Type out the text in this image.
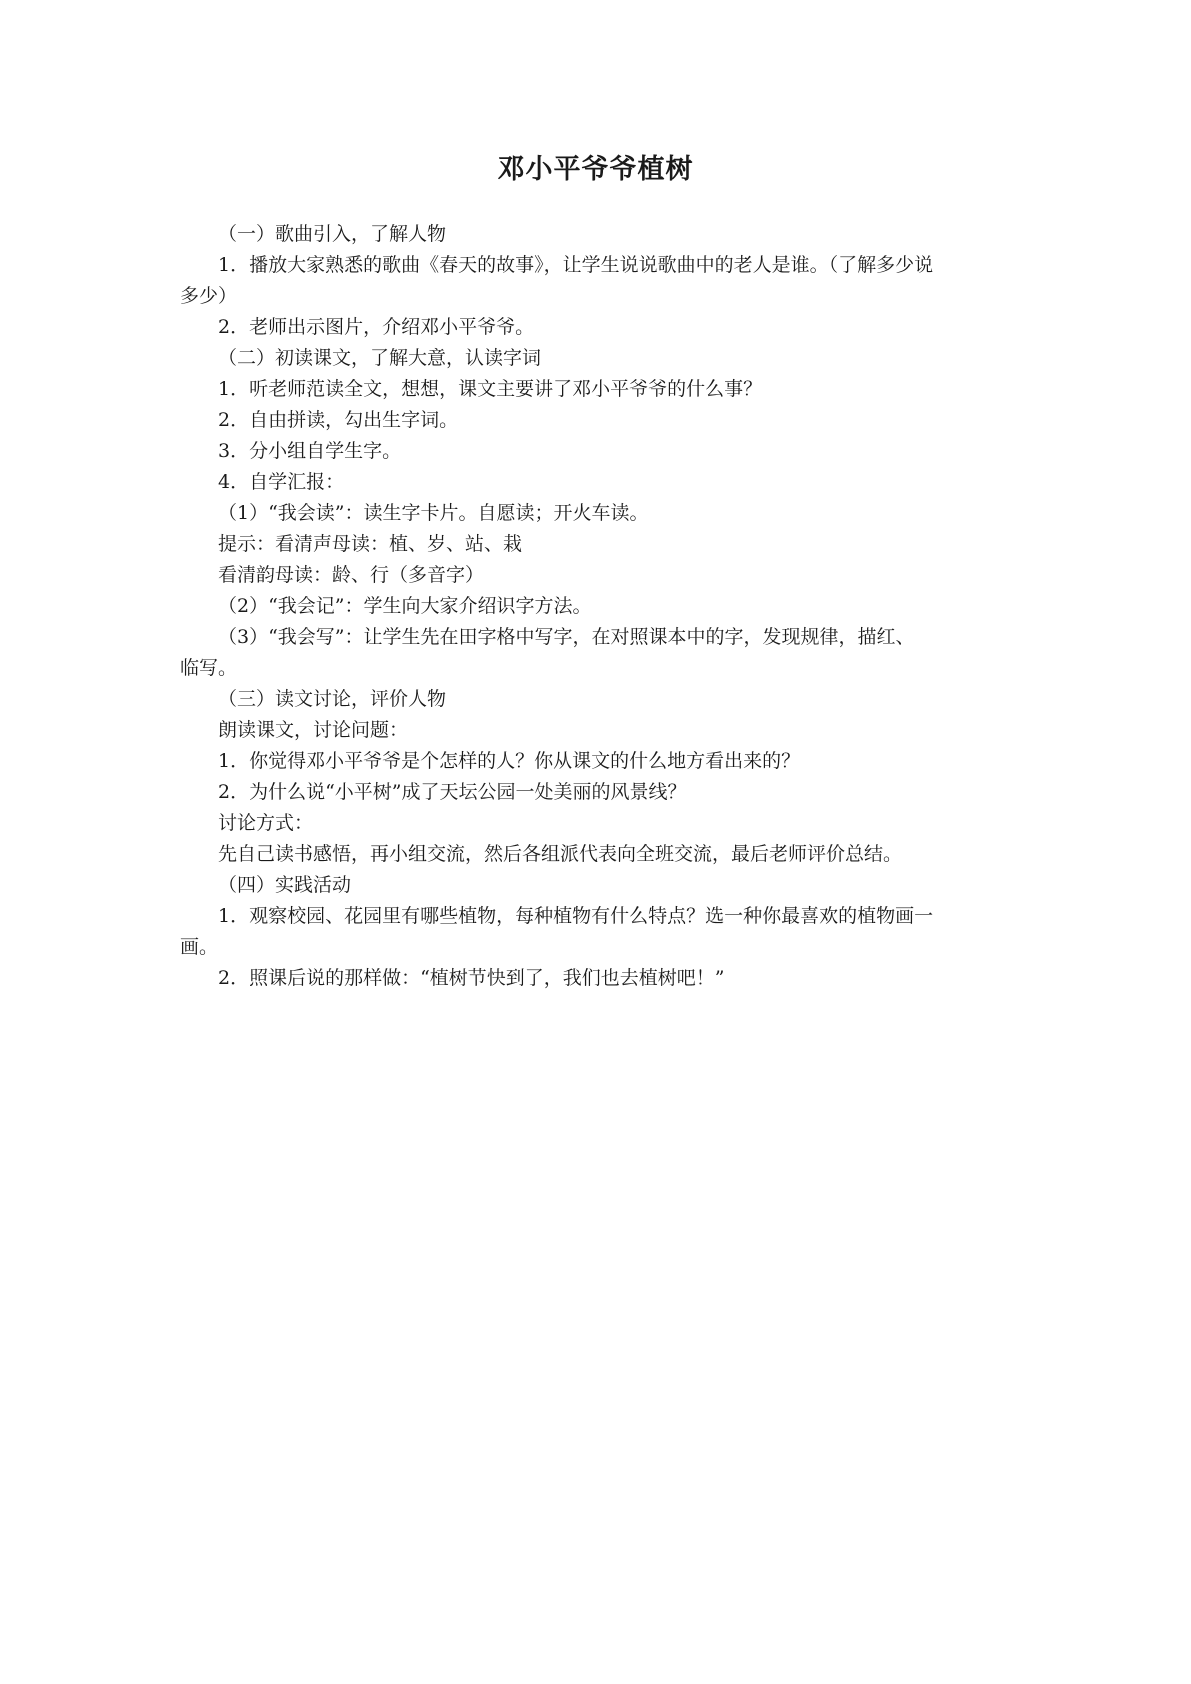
邓小平爷爷植树

（一）歌曲引入，了解人物

1．播放大家熟悉的歌曲《春天的故事》，让学生说说歌曲中的老人是谁。（了解多少说

多少）

2．老师出示图片，介绍邓小平爷爷。

（二）初读课文，了解大意，认读字词

1．听老师范读全文，想想，课文主要讲了邓小平爷爷的什么事？

2．自由拼读，勾出生字词。

3．分小组自学生字。

4．自学汇报：

（1）“我会读”：读生字卡片。自愿读；开火车读。

提示：看清声母读：植、岁、站、栽

看清韵母读：龄、行（多音字）

（2）“我会记”：学生向大家介绍识字方法。

（3）“我会写”：让学生先在田字格中写字，在对照课本中的字，发现规律，描红、

临写。

（三）读文讨论，评价人物

朗读课文，讨论问题：

1．你觉得邓小平爷爷是个怎样的人？你从课文的什么地方看出来的？

2．为什么说“小平树”成了天坛公园一处美丽的风景线？

讨论方式：

先自己读书感悟，再小组交流，然后各组派代表向全班交流，最后老师评价总结。

（四）实践活动

1．观察校园、花园里有哪些植物，每种植物有什么特点？选一种你最喜欢的植物画一

画。

2．照课后说的那样做：“植树节快到了，我们也去植树吧！”
